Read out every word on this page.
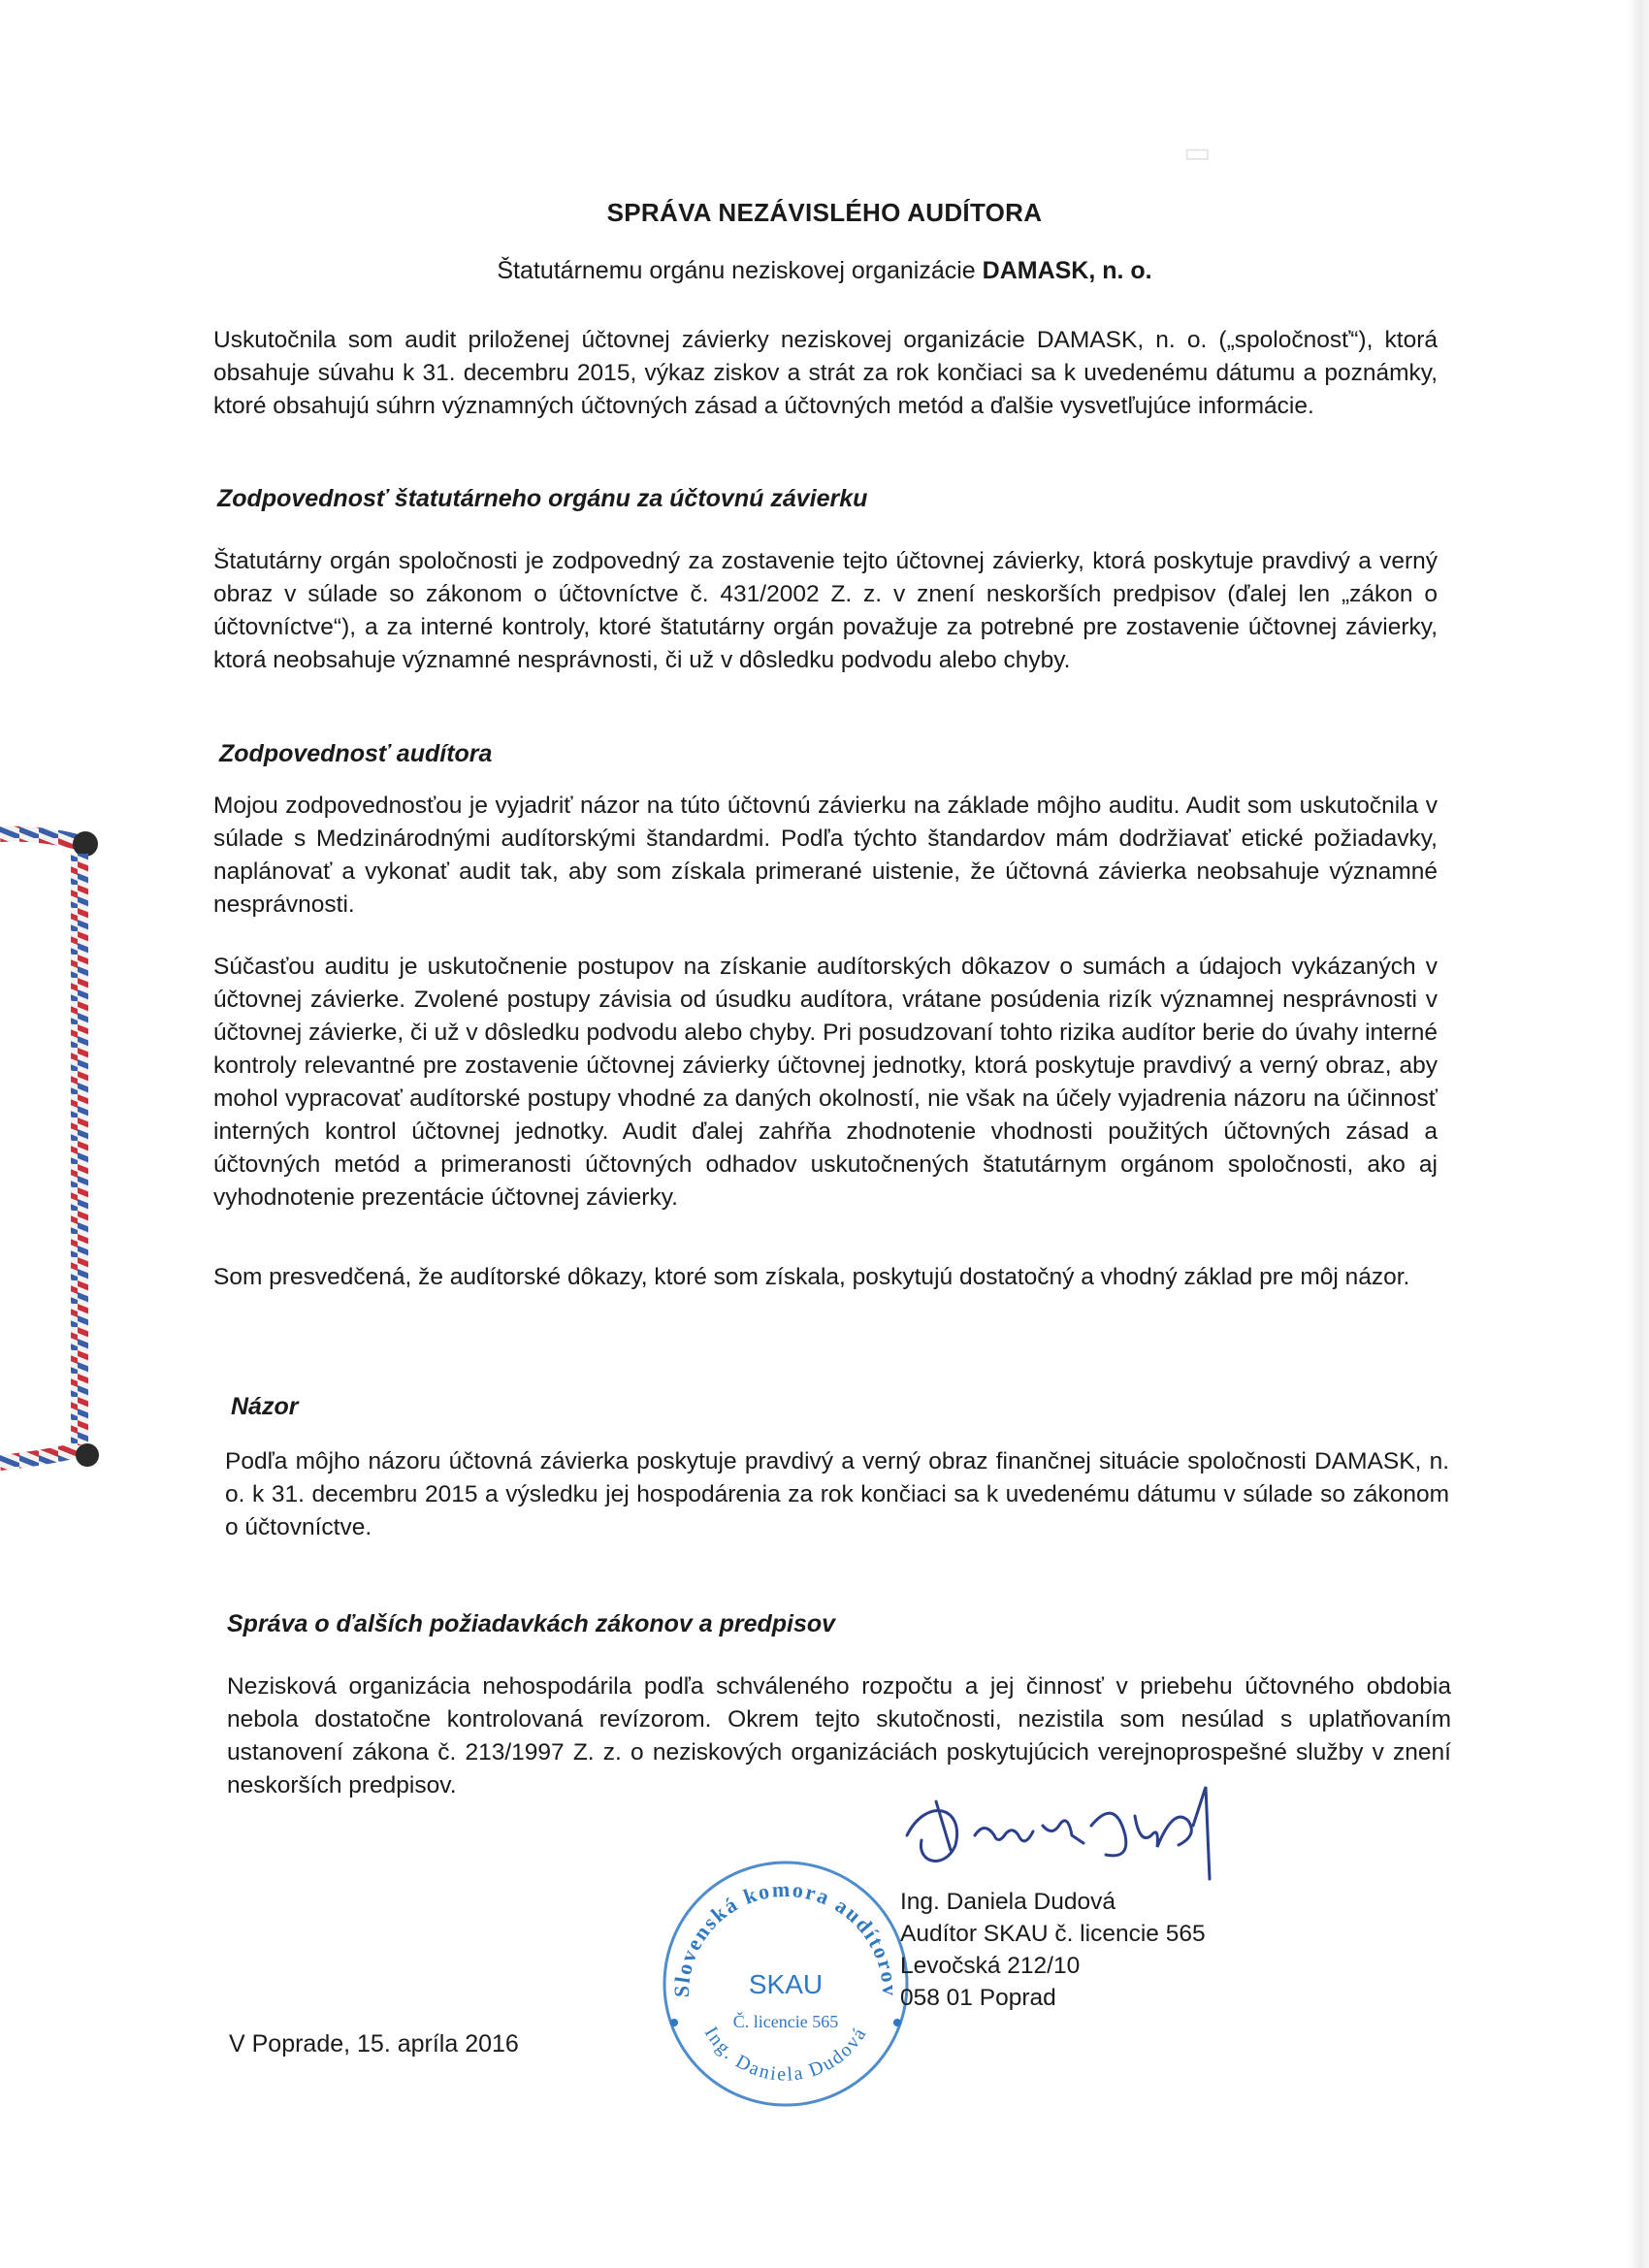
▭
SPRÁVA NEZÁVISLÉHO AUDÍTORA
Štatutárnemu orgánu neziskovej organizácie DAMASK, n. o.
Uskutočnila som audit priloženej účtovnej závierky neziskovej organizácie DAMASK, n. o. („spoločnosť“), ktorá obsahuje súvahu k 31. decembru 2015, výkaz ziskov a strát za rok končiaci sa k uvedenému dátumu a poznámky, ktoré obsahujú súhrn významných účtovných zásad a účtovných metód a ďalšie vysvetľujúce informácie.
Zodpovednosť štatutárneho orgánu za účtovnú závierku
Štatutárny orgán spoločnosti je zodpovedný za zostavenie tejto účtovnej závierky, ktorá poskytuje pravdivý a verný obraz v súlade so zákonom o účtovníctve č. 431/2002 Z. z. v znení neskorších predpisov (ďalej len „zákon o účtovníctve“), a za interné kontroly, ktoré štatutárny orgán považuje za potrebné pre zostavenie účtovnej závierky, ktorá neobsahuje významné nesprávnosti, či už v dôsledku podvodu alebo chyby.
Zodpovednosť audítora
Mojou zodpovednosťou je vyjadriť názor na túto účtovnú závierku na základe môjho auditu. Audit som uskutočnila v súlade s Medzinárodnými audítorskými štandardmi. Podľa týchto štandardov mám dodržiavať etické požiadavky, naplánovať a vykonať audit tak, aby som získala primerané uistenie, že účtovná závierka neobsahuje významné nesprávnosti.
Súčasťou auditu je uskutočnenie postupov na získanie audítorských dôkazov o sumách a údajoch vykázaných v účtovnej závierke. Zvolené postupy závisia od úsudku audítora, vrátane posúdenia rizík významnej nesprávnosti v účtovnej závierke, či už v dôsledku podvodu alebo chyby. Pri posudzovaní tohto rizika audítor berie do úvahy interné kontroly relevantné pre zostavenie účtovnej závierky účtovnej jednotky, ktorá poskytuje pravdivý a verný obraz, aby mohol vypracovať audítorské postupy vhodné za daných okolností, nie však na účely vyjadrenia názoru na účinnosť interných kontrol účtovnej jednotky. Audit ďalej zahŕňa zhodnotenie vhodnosti použitých účtovných zásad a účtovných metód a primeranosti účtovných odhadov uskutočnených štatutárnym orgánom spoločnosti, ako aj vyhodnotenie prezentácie účtovnej závierky.
Som presvedčená, že audítorské dôkazy, ktoré som získala, poskytujú dostatočný a vhodný základ pre môj názor.
Názor
Podľa môjho názoru účtovná závierka poskytuje pravdivý a verný obraz finančnej situácie spoločnosti DAMASK, n. o. k 31. decembru 2015 a výsledku jej hospodárenia za rok končiaci sa k uvedenému dátumu v súlade so zákonom o účtovníctve.
Správa o ďalších požiadavkách zákonov a predpisov
Nezisková organizácia nehospodárila podľa schváleného rozpočtu a jej činnosť v priebehu účtovného obdobia nebola dostatočne kontrolovaná revízorom. Okrem tejto skutočnosti, nezistila som nesúlad s uplatňovaním ustanovení zákona č. 213/1997 Z. z. o neziskových organizáciách poskytujúcich verejnoprospešné služby v znení neskorších predpisov.
Slovenská komora audítorov
SKAU
Č. licencie 565
Ing. Daniela Dudová
Ing. Daniela Dudová
Audítor SKAU č. licencie 565
Levočská 212/10
058 01 Poprad
V Poprade, 15. apríla 2016
